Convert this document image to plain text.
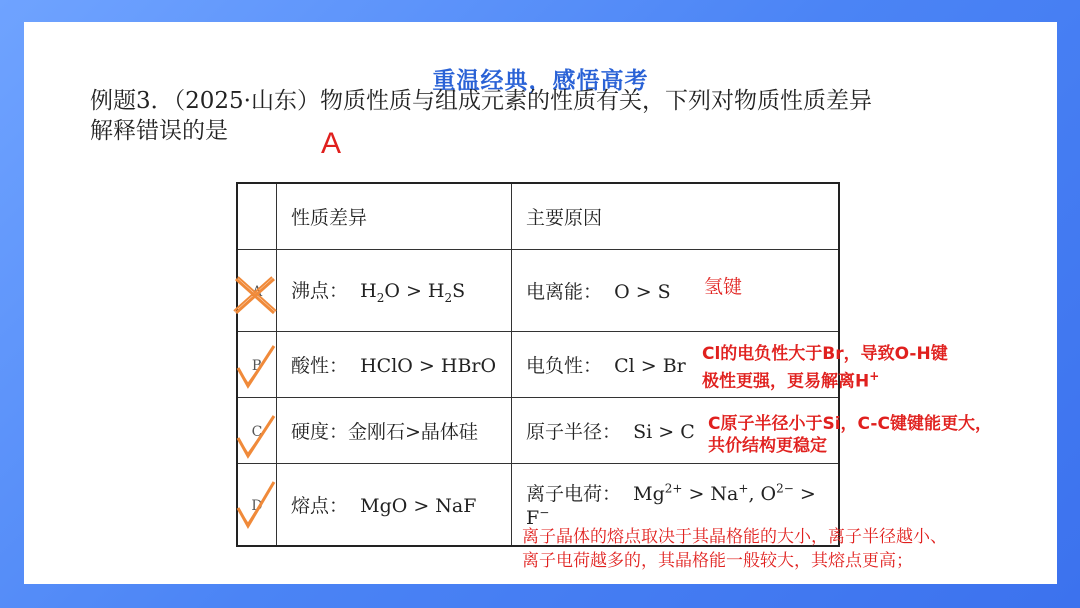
重温经典，感悟高考
例题3．（2025·山东）物质性质与组成元素的性质有关，下列对物质性质差异
解释错误的是	A
	性质差异	主要原因
A	沸点： $H_2O > H_2S$	电离能： O > S
B	酸性： HClO > HBrO	电负性： Cl > Br
C	硬度：金刚石>晶体硅	原子半径： Si > C
D	熔点： MgO > NaF	离子电荷： $Mg^{2+} > Na^+$, $O^{2-} > F^-$
氢键
Cl的电负性大于Br，导致O-H键
极性更强，更易解离H+
C原子半径小于Si，C-C键键能更大，
共价结构更稳定
离子晶体的熔点取决于其晶格能的大小，离子半径越小、
离子电荷越多的，其晶格能一般较大，其熔点更高；
